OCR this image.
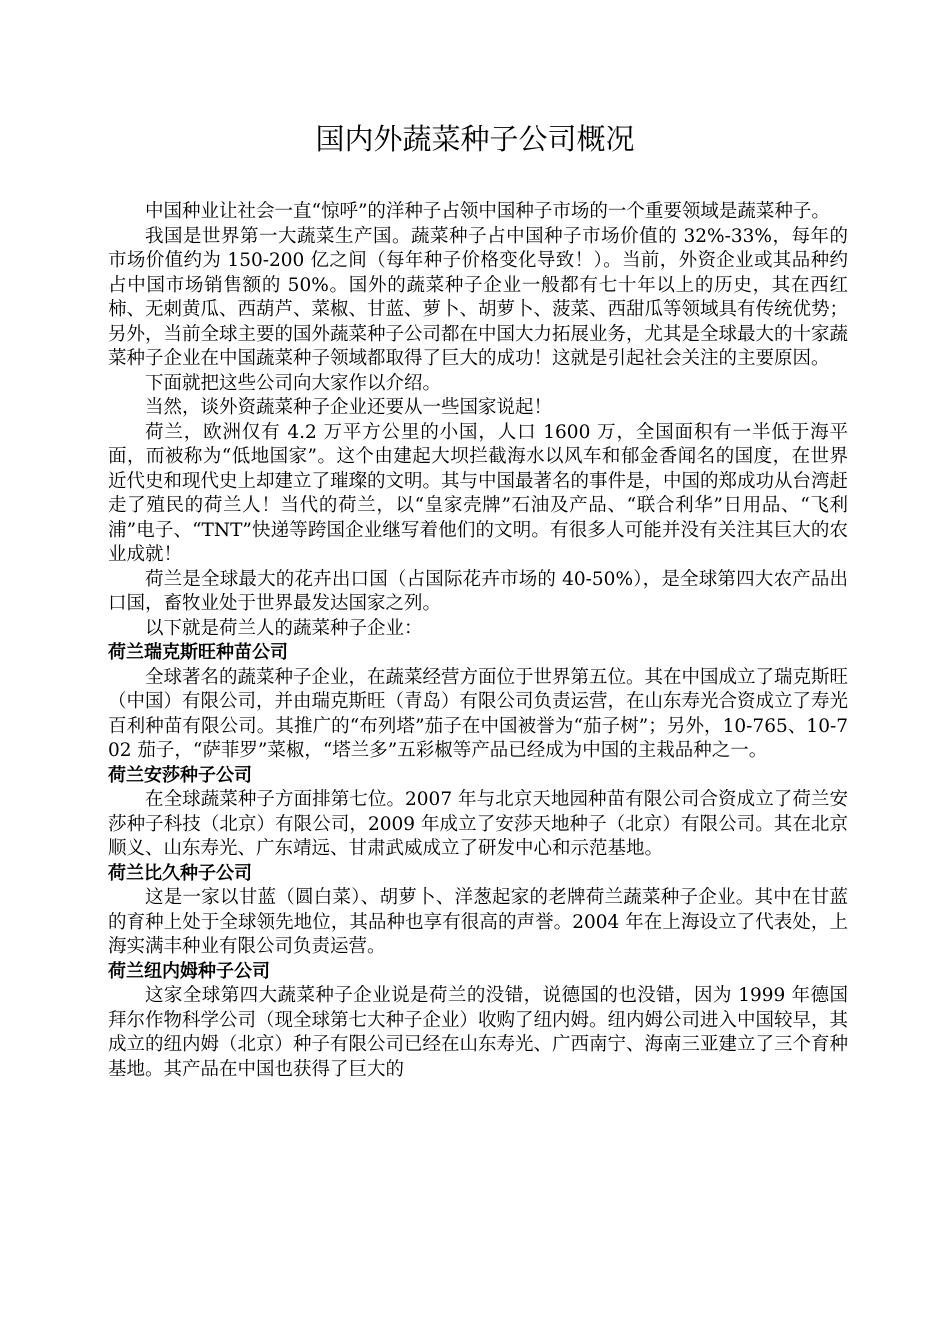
国内外蔬菜种子公司概况

中国种业让社会一直“惊呼”的洋种子占领中国种子市场的一个重要领域是蔬菜种子。

我国是世界第一大蔬菜生产国。蔬菜种子占中国种子市场价值的 32%-33%，每年的市场价值约为 150-200 亿之间（每年种子价格变化导致！）。当前，外资企业或其品种约占中国市场销售额的 50%。国外的蔬菜种子企业一般都有七十年以上的历史，其在西红柿、无刺黄瓜、西葫芦、菜椒、甘蓝、萝卜、胡萝卜、菠菜、西甜瓜等领域具有传统优势；另外，当前全球主要的国外蔬菜种子公司都在中国大力拓展业务，尤其是全球最大的十家蔬菜种子企业在中国蔬菜种子领域都取得了巨大的成功！这就是引起社会关注的主要原因。

下面就把这些公司向大家作以介绍。

当然，谈外资蔬菜种子企业还要从一些国家说起！

荷兰，欧洲仅有 4.2 万平方公里的小国，人口 1600 万，全国面积有一半低于海平面，而被称为“低地国家”。这个由建起大坝拦截海水以风车和郁金香闻名的国度，在世界近代史和现代史上却建立了璀璨的文明。其与中国最著名的事件是，中国的郑成功从台湾赶走了殖民的荷兰人！当代的荷兰，以“皇家壳牌”石油及产品、“联合利华”日用品、“飞利浦”电子、“TNT”快递等跨国企业继写着他们的文明。有很多人可能并没有关注其巨大的农业成就！

荷兰是全球最大的花卉出口国（占国际花卉市场的 40-50%），是全球第四大农产品出口国，畜牧业处于世界最发达国家之列。

以下就是荷兰人的蔬菜种子企业：

荷兰瑞克斯旺种苗公司

全球著名的蔬菜种子企业，在蔬菜经营方面位于世界第五位。其在中国成立了瑞克斯旺（中国）有限公司，并由瑞克斯旺（青岛）有限公司负责运营，在山东寿光合资成立了寿光百利种苗有限公司。其推广的“布列塔”茄子在中国被誉为“茄子树”；另外，10-765、10-702 茄子，“萨菲罗”菜椒，“塔兰多”五彩椒等产品已经成为中国的主栽品种之一。

荷兰安莎种子公司

在全球蔬菜种子方面排第七位。2007 年与北京天地园种苗有限公司合资成立了荷兰安莎种子科技（北京）有限公司，2009 年成立了安莎天地种子（北京）有限公司。其在北京顺义、山东寿光、广东靖远、甘肃武威成立了研发中心和示范基地。

荷兰比久种子公司

这是一家以甘蓝（圆白菜）、胡萝卜、洋葱起家的老牌荷兰蔬菜种子企业。其中在甘蓝的育种上处于全球领先地位，其品种也享有很高的声誉。2004 年在上海设立了代表处，上海实满丰种业有限公司负责运营。

荷兰纽内姆种子公司

这家全球第四大蔬菜种子企业说是荷兰的没错，说德国的也没错，因为 1999 年德国拜尔作物科学公司（现全球第七大种子企业）收购了纽内姆。纽内姆公司进入中国较早，其成立的纽内姆（北京）种子有限公司已经在山东寿光、广西南宁、海南三亚建立了三个育种基地。其产品在中国也获得了巨大的
